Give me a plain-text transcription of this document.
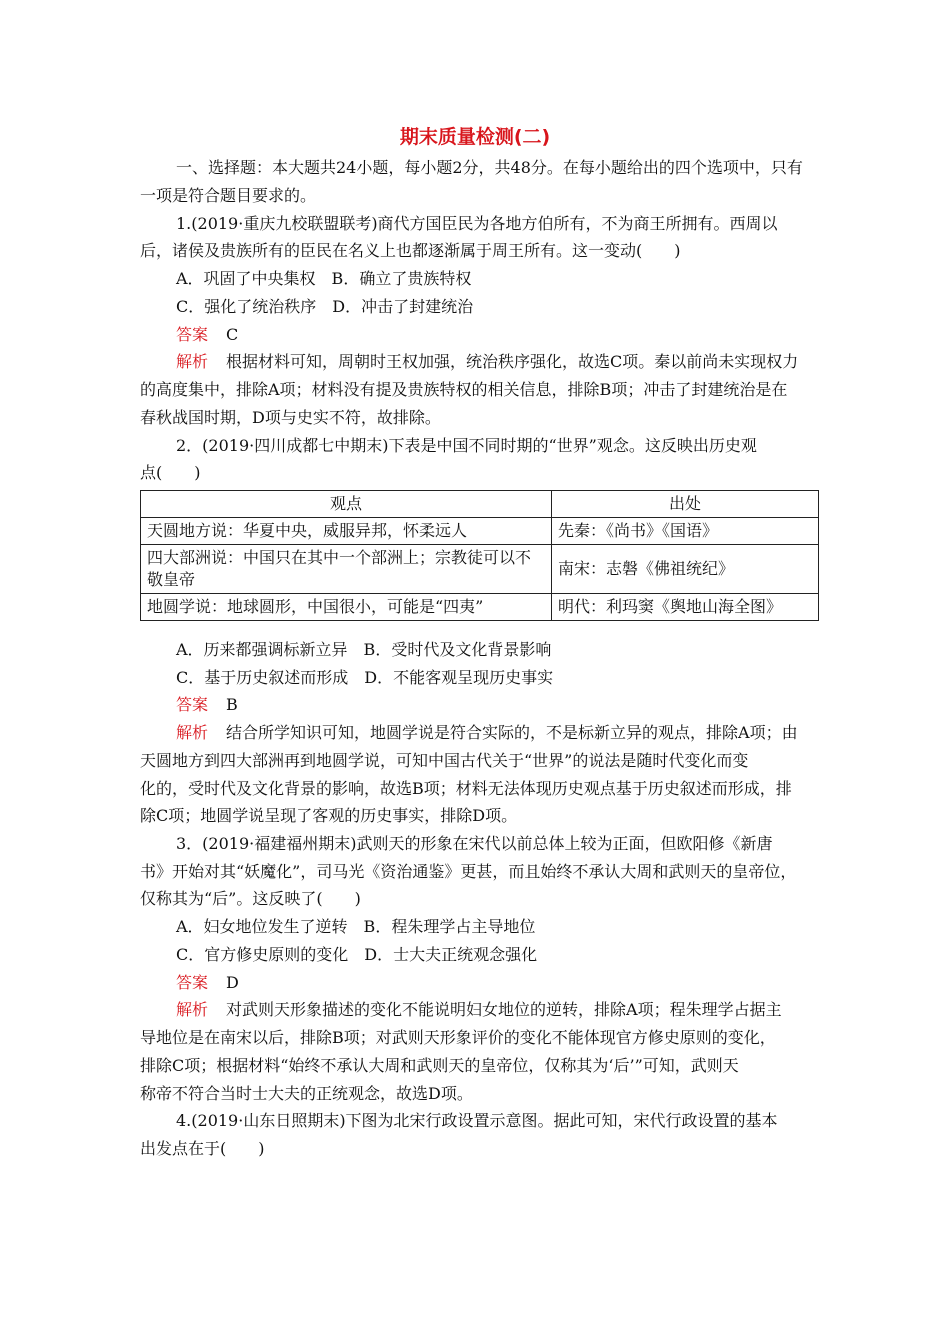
期末质量检测(二)
一、选择题：本大题共24小题，每小题2分，共48分。在每小题给出的四个选项中，只有
一项是符合题目要求的。
1.(2019·重庆九校联盟联考)商代方国臣民为各地方伯所有，不为商王所拥有。西周以
后，诸侯及贵族所有的臣民在名义上也都逐渐属于周王所有。这一变动(　　)
A．巩固了中央集权　B．确立了贵族特权
C．强化了统治秩序　D．冲击了封建统治
答案 C
解析 根据材料可知，周朝时王权加强，统治秩序强化，故选C项。秦以前尚未实现权力
的高度集中，排除A项；材料没有提及贵族特权的相关信息，排除B项；冲击了封建统治是在
春秋战国时期，D项与史实不符，故排除。
2．(2019·四川成都七中期末)下表是中国不同时期的“世界”观念。这反映出历史观
点(　　)
观点	出处
天圆地方说：华夏中央，威服异邦，怀柔远人	先秦：《尚书》《国语》
四大部洲说：中国只在其中一个部洲上；宗教徒可以不敬皇帝	南宋：志磐《佛祖统纪》
地圆学说：地球圆形，中国很小，可能是“四夷”	明代：利玛窦《舆地山海全图》
A．历来都强调标新立异　B．受时代及文化背景影响
C．基于历史叙述而形成　D．不能客观呈现历史事实
答案 B
解析 结合所学知识可知，地圆学说是符合实际的，不是标新立异的观点，排除A项；由
天圆地方到四大部洲再到地圆学说，可知中国古代关于“世界”的说法是随时代变化而变
化的，受时代及文化背景的影响，故选B项；材料无法体现历史观点基于历史叙述而形成，排
除C项；地圆学说呈现了客观的历史事实，排除D项。
3．(2019·福建福州期末)武则天的形象在宋代以前总体上较为正面，但欧阳修《新唐
书》开始对其“妖魔化”，司马光《资治通鉴》更甚，而且始终不承认大周和武则天的皇帝位，
仅称其为“后”。这反映了(　　)
A．妇女地位发生了逆转　B．程朱理学占主导地位
C．官方修史原则的变化　D．士大夫正统观念强化
答案 D
解析 对武则天形象描述的变化不能说明妇女地位的逆转，排除A项；程朱理学占据主
导地位是在南宋以后，排除B项；对武则天形象评价的变化不能体现官方修史原则的变化，
排除C项；根据材料“始终不承认大周和武则天的皇帝位，仅称其为‘后’”可知，武则天
称帝不符合当时士大夫的正统观念，故选D项。
4.(2019·山东日照期末)下图为北宋行政设置示意图。据此可知，宋代行政设置的基本
出发点在于(　　)
